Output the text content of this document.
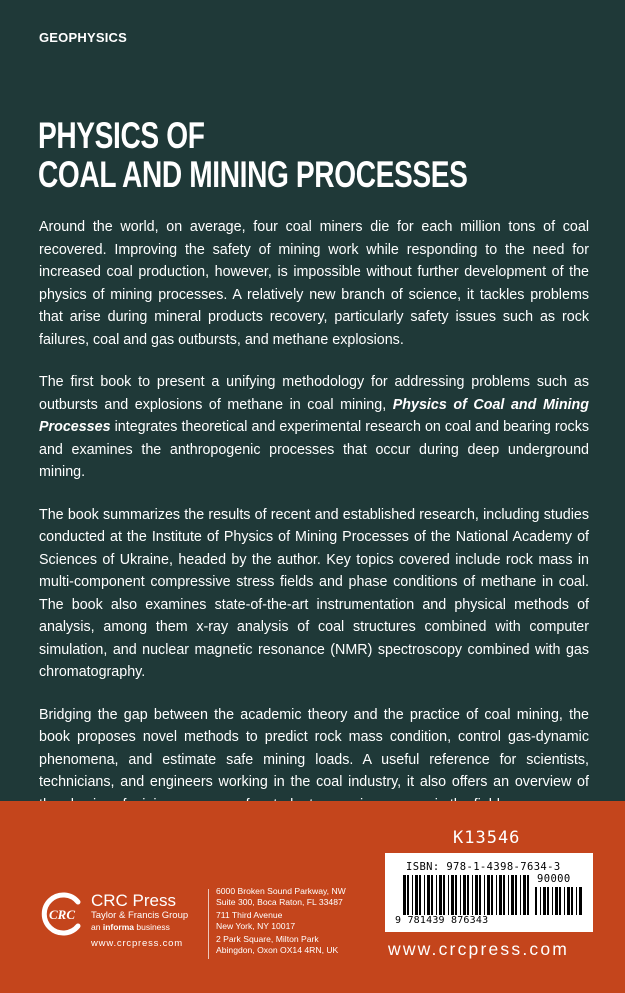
GEOPHYSICS
PHYSICS OF
COAL AND MINING PROCESSES

Around the world, on average, four coal miners die for each million tons of coal recovered. Improving the safety of mining work while responding to the need for increased coal production, however, is impossible without further development of the physics of mining processes. A relatively new branch of science, it tackles problems that arise during mineral products recovery, particularly safety issues such as rock failures, coal and gas outbursts, and methane explosions.

The first book to present a unifying methodology for addressing problems such as outbursts and explosions of methane in coal mining, Physics of Coal and Mining Processes integrates theoretical and experimental research on coal and bearing rocks and examines the anthropogenic processes that occur during deep underground mining.

The book summarizes the results of recent and established research, including studies conducted at the Institute of Physics of Mining Processes of the National Academy of Sciences of Ukraine, headed by the author. Key topics covered include rock mass in multi-component compressive stress fields and phase conditions of methane in coal. The book also examines state-of-the-art instrumentation and physical methods of analysis, among them x-ray analysis of coal structures combined with computer simulation, and nuclear magnetic resonance (NMR) spectroscopy combined with gas chromatography.

Bridging the gap between the academic theory and the practice of coal mining, the book proposes novel methods to predict rock mass condition, control gas-dynamic phenomena, and estimate safe mining loads. A useful reference for scientists, technicians, and engineers working in the coal industry, it also offers an overview of

K13546
ISBN: 978-1-4398-7634-3
90000
9 781439 876343
www.crcpress.com
CRC
CRC Press
Taylor & Francis Group
an informa business
www.crcpress.com
6000 Broken Sound Parkway, NW
Suite 300, Boca Raton, FL 33487
711 Third Avenue
New York, NY 10017
2 Park Square, Milton Park
Abingdon, Oxon OX14 4RN, UK
